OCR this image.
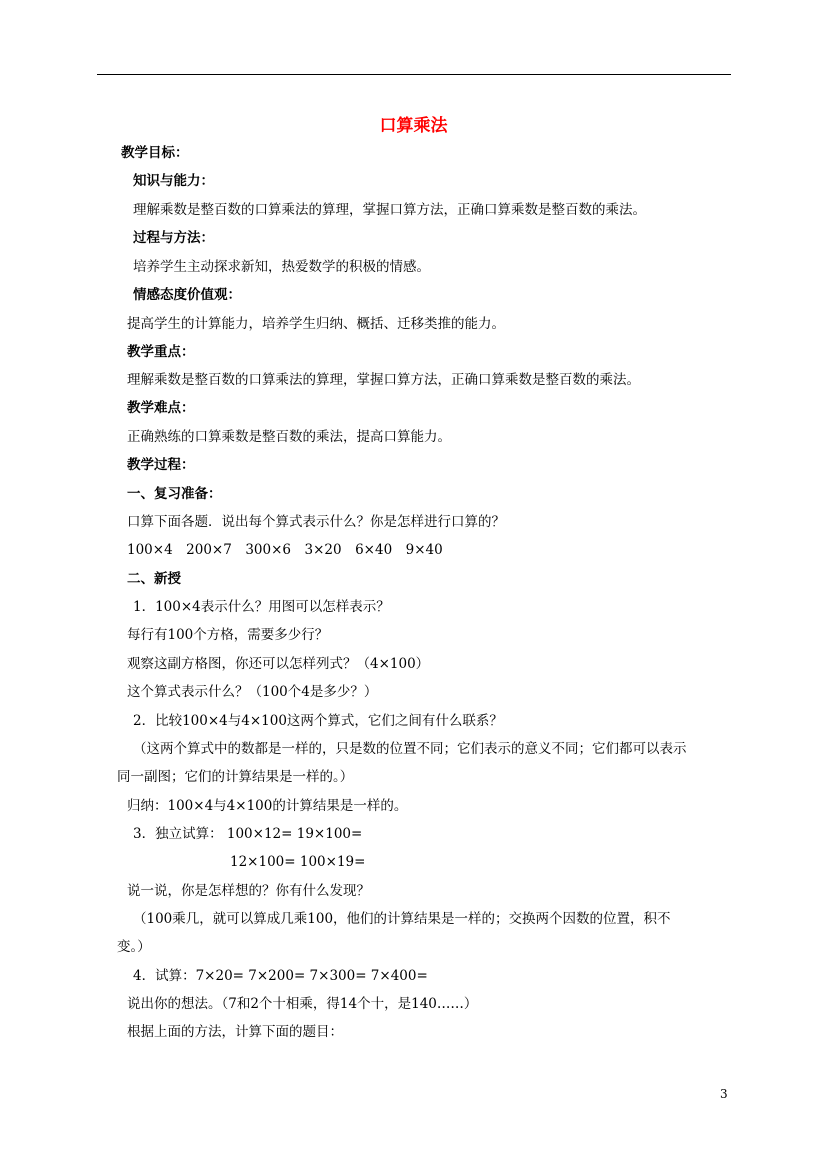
口算乘法
教学目标：
知识与能力：
理解乘数是整百数的口算乘法的算理，掌握口算方法，正确口算乘数是整百数的乘法。
过程与方法：
培养学生主动探求新知，热爱数学的积极的情感。
情感态度价值观：
提高学生的计算能力，培养学生归纳、概括、迁移类推的能力。
教学重点：
理解乘数是整百数的口算乘法的算理，掌握口算方法，正确口算乘数是整百数的乘法。
教学难点：
正确熟练的口算乘数是整百数的乘法，提高口算能力。
教学过程：
一、复习准备：
口算下面各题．说出每个算式表示什么？你是怎样进行口算的？
100×4　200×7　300×6　3×20　6×40　9×40
二、新授
1．100×4表示什么？用图可以怎样表示？
每行有100个方格，需要多少行？
观察这副方格图，你还可以怎样列式？（4×100）
这个算式表示什么？（100个4是多少？）
2．比较100×4与4×100这两个算式，它们之间有什么联系？
（这两个算式中的数都是一样的，只是数的位置不同；它们表示的意义不同；它们都可以表示
同一副图；它们的计算结果是一样的。）
归纳：100×4与4×100的计算结果是一样的。
3．独立试算： 100×12= 19×100=
12×100= 100×19=
说一说，你是怎样想的？你有什么发现？
（100乘几，就可以算成几乘100，他们的计算结果是一样的；交换两个因数的位置，积不
变。）
4．试算：7×20= 7×200= 7×300= 7×400=
说出你的想法。（7和2个十相乘，得14个十，是140……）
根据上面的方法，计算下面的题目：
3
